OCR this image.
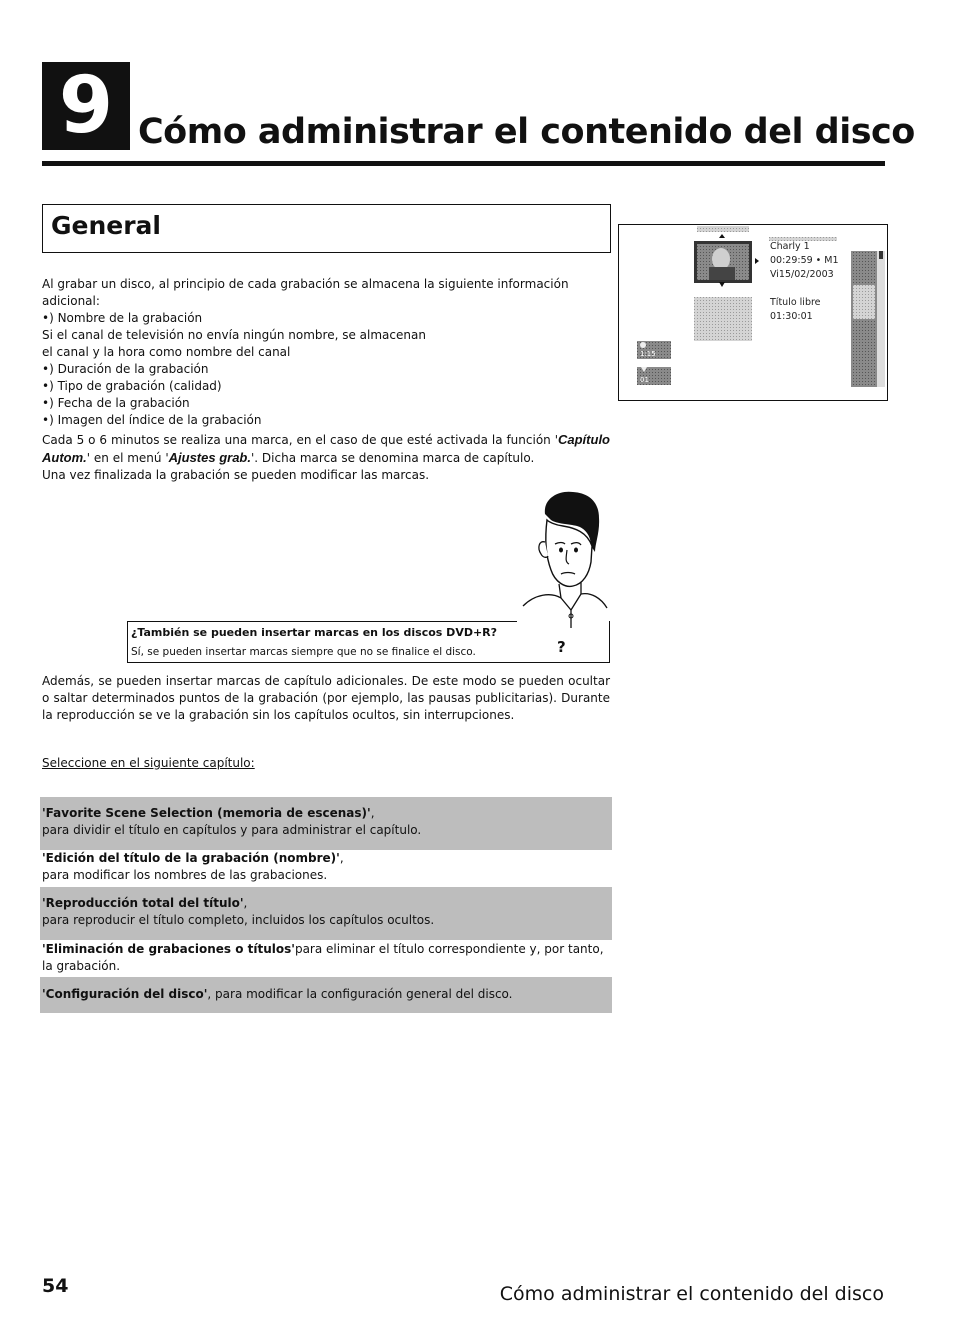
9 Cómo administrar el contenido del disco
General
Charly 1
00:29:59 • M1
Vi15/02/2003
Título libre
01:30:01
1:15
01

Al grabar un disco, al principio de cada grabación se almacena la siguiente información adicional:

•) Nombre de la grabación

Si el canal de televisión no envía ningún nombre, se almacenan

el canal y la hora como nombre del canal

•) Duración de la grabación

•) Tipo de grabación (calidad)

•) Fecha de la grabación

•) Imagen del índice de la grabación

Cada 5 o 6 minutos se realiza una marca, en el caso de que esté activada la función 'Capítulo Autom.' en el menú 'Ajustes grab.'. Dicha marca se denomina marca de capítulo.

Una vez finalizada la grabación se pueden modificar las marcas.

¿También se pueden insertar marcas en los discos DVD+R?
Sí, se pueden insertar marcas siempre que no se finalice el disco.	?

Además, se pueden insertar marcas de capítulo adicionales. De este modo se pueden ocultar o saltar determinados puntos de la grabación (por ejemplo, las pausas publicitarias). Durante la reproducción se ve la grabación sin los capítulos ocultos, sin interrupciones.

Seleccione en el siguiente capítulo:

'Favorite Scene Selection (memoria de escenas)',
para dividir el título en capítulos y para administrar el capítulo.
'Edición del título de la grabación (nombre)',
para modificar los nombres de las grabaciones.
'Reproducción total del título',
para reproducir el título completo, incluidos los capítulos ocultos.
'Eliminación de grabaciones o títulos'para eliminar el título correspondiente y, por tanto, la grabación.
'Configuración del disco', para modificar la configuración general del disco.
54	Cómo administrar el contenido del disco
